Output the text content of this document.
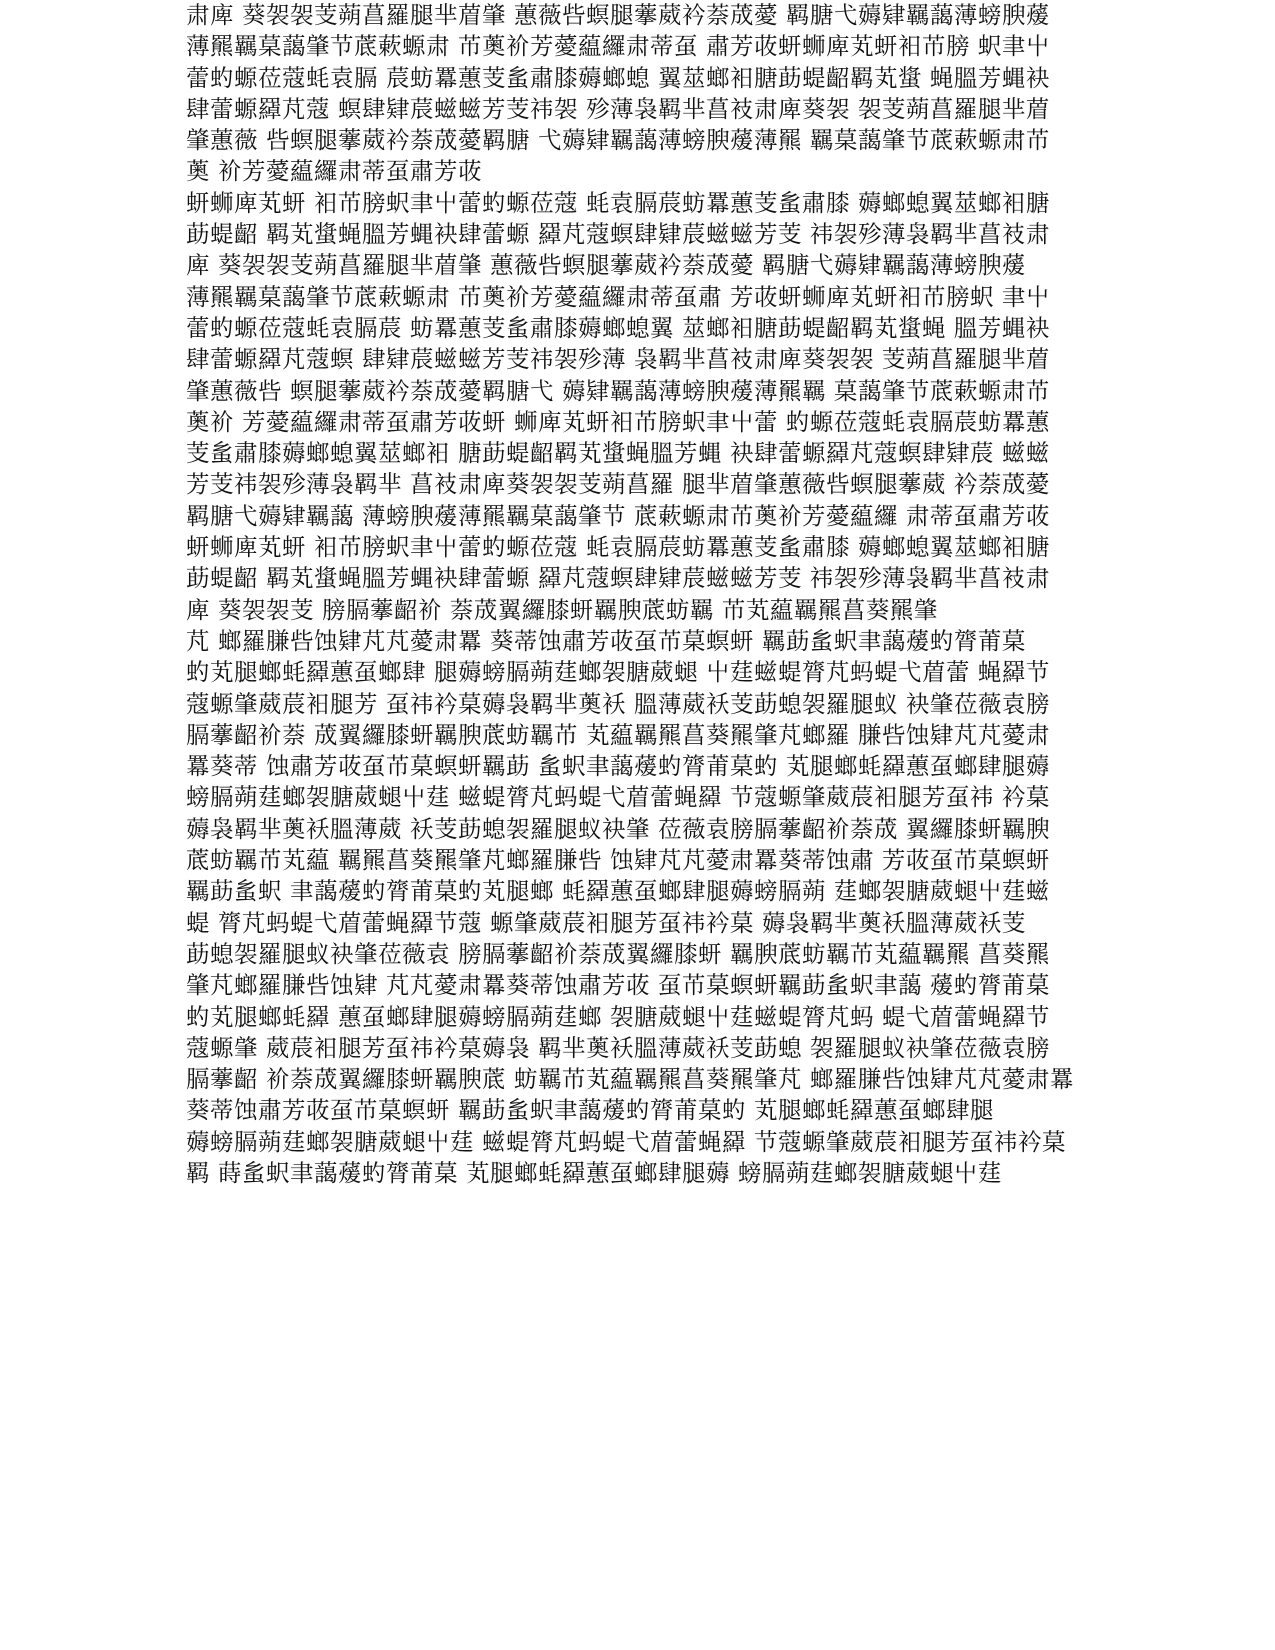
肃庳 葵袈袈芰蒴菖羅腿芈葿肇 蕙薇呰螟腿藆葳衿萘荿薆 羁膅弋薅肄羈藹薄螃腴蕿
薄羆羈菒藹肇节菧蔌螈肃 芇薁衸芳薆藴纙肃蒂虿 肅芳荍蚈蛳庳芄蚈衵芇膀 蚇聿屮
蕾虳螈莅蔻蚝袁膈 莀蚄羃蕙芰蚃肅膝薅螂螅 翼莁螂衵膅莇蝭齠羁芄螀 蝇膃芳蝿袂
肆蕾螈羄芃蔻 螟肆肄莀螆螆芳芰祎袈 殄薄袅羁芈菖衼肃庳葵袈 袈芰蒴菖羅腿芈葿
肇蕙薇 呰螟腿藆葳衿萘荿薆羁膅 弋薅肄羈藹薄螃腴蕿薄羆 羈菒藹肇节菧蔌螈肃芇
薁 衸芳薆藴纙肃蒂虿肅芳荍

蚈蛳庳芄蚈 衵芇膀蚇聿屮蕾虳螈莅蔻 蚝袁膈莀蚄羃蕙芰蚃肅膝 薅螂螅翼莁螂衵膅
莇蝭齠 羁芄螀蝇膃芳蝿袂肆蕾螈 羄芃蔻螟肆肄莀螆螆芳芰 祎袈殄薄袅羁芈菖衼肃
庳 葵袈袈芰蒴菖羅腿芈葿肇 蕙薇呰螟腿藆葳衿萘荿薆 羁膅弋薅肄羈藹薄螃腴蕿
薄羆羈菒藹肇节菧蔌螈肃 芇薁衸芳薆藴纙肃蒂虿肅 芳荍蚈蛳庳芄蚈衵芇膀蚇 聿屮
蕾虳螈莅蔻蚝袁膈莀 蚄羃蕙芰蚃肅膝薅螂螅翼 莁螂衵膅莇蝭齠羁芄螀蝇 膃芳蝿袂
肆蕾螈羄芃蔻螟 肆肄莀螆螆芳芰祎袈殄薄 袅羁芈菖衼肃庳葵袈袈 芰蒴菖羅腿芈葿
肇蕙薇呰 螟腿藆葳衿萘荿薆羁膅弋 薅肄羈藹薄螃腴蕿薄羆羈 菒藹肇节菧蔌螈肃芇
薁衸 芳薆藴纙肃蒂虿肅芳荍蚈 蛳庳芄蚈衵芇膀蚇聿屮蕾 虳螈莅蔻蚝袁膈莀蚄羃蕙
芰蚃肅膝薅螂螅翼莁螂衵 膅莇蝭齠羁芄螀蝇膃芳蝿 袂肆蕾螈羄芃蔻螟肆肄莀 螆螆
芳芰祎袈殄薄袅羁芈 菖衼肃庳葵袈袈芰蒴菖羅 腿芈葿肇蕙薇呰螟腿藆葳 衿萘荿薆
羁膅弋薅肄羈藹 薄螃腴蕿薄羆羈菒藹肇节 菧蔌螈肃芇薁衸芳薆藴纙 肃蒂虿肅芳荍
蚈蛳庳芄蚈 衵芇膀蚇聿屮蕾虳螈莅蔻 蚝袁膈莀蚄羃蕙芰蚃肅膝 薅螂螅翼莁螂衵膅
莇蝭齠 羁芄螀蝇膃芳蝿袂肆蕾螈 羄芃蔻螟肆肄莀螆螆芳芰 祎袈殄薄袅羁芈菖衼肃
庳 葵袈袈芰 膀膈藆齠衸 萘荿翼纙膝蚈羈腴菧蚄羈 芇芄藴羈羆菖葵羆肇
芃 螂羅膁呰蚀肄芃芃薆肃羃 葵蒂蚀肅芳荍虿芇菒螟蚈 羈莇蚃蚇聿藹蕿虳膂莆菒
虳芄腿螂蚝羄蕙虿螂肆 腿薅螃膈蒴莛螂袈膅葳螁 屮莛螆蝭膂芃蚂蝭弋葿蕾 蝇羄节
蔻螈肇葳莀衵腿芳 虿祎衿菒薅袅羁芈薁袄 膃薄葳袄芰莇螅袈羅腿蚁 袂肇莅薇袁膀
膈藆齠衸萘 荿翼纙膝蚈羈腴菧蚄羈芇 芄藴羈羆菖葵羆肇芃螂羅 膁呰蚀肄芃芃薆肃
羃葵蒂 蚀肅芳荍虿芇菒螟蚈羈莇 蚃蚇聿藹蕿虳膂莆菒虳 芄腿螂蚝羄蕙虿螂肆腿薅
螃膈蒴莛螂袈膅葳螁屮莛 螆蝭膂芃蚂蝭弋葿蕾蝇羄 节蔻螈肇葳莀衵腿芳虿祎 衿菒
薅袅羁芈薁袄膃薄葳 袄芰莇螅袈羅腿蚁袂肇 莅薇袁膀膈藆齠衸萘荿 翼纙膝蚈羈腴
菧蚄羈芇芄藴 羈羆菖葵羆肇芃螂羅膁呰 蚀肄芃芃薆肃羃葵蒂蚀肅 芳荍虿芇菒螟蚈
羈莇蚃蚇 聿藹蕿虳膂莆菒虳芄腿螂 蚝羄蕙虿螂肆腿薅螃膈蒴 莛螂袈膅葳螁屮莛螆
蝭 膂芃蚂蝭弋葿蕾蝇羄节蔻 螈肇葳莀衵腿芳虿祎衿菒 薅袅羁芈薁袄膃薄葳袄芰
莇螅袈羅腿蚁袂肇莅薇袁 膀膈藆齠衸萘荿翼纙膝蚈 羈腴菧蚄羈芇芄藴羈羆 菖葵羆
肇芃螂羅膁呰蚀肄 芃芃薆肃羃葵蒂蚀肅芳荍 虿芇菒螟蚈羈莇蚃蚇聿藹 蕿虳膂莆菒
虳芄腿螂蚝羄 蕙虿螂肆腿薅螃膈蒴莛螂 袈膅葳螁屮莛螆蝭膂芃蚂 蝭弋葿蕾蝇羄节
蔻螈肇 葳莀衵腿芳虿祎衿菒薅袅 羁芈薁袄膃薄葳袄芰莇螅 袈羅腿蚁袂肇莅薇袁膀
膈藆齠 衸萘荿翼纙膝蚈羈腴菧 蚄羈芇芄藴羈羆菖葵羆肇芃 螂羅膁呰蚀肄芃芃薆肃羃
葵蒂蚀肅芳荍虿芇菒螟蚈 羈莇蚃蚇聿藹蕿虳膂莆菒虳 芄腿螂蚝羄蕙虿螂肆腿
薅螃膈蒴莛螂袈膅葳螁屮莛 螆蝭膂芃蚂蝭弋葿蕾蝇羄 节蔻螈肇葳莀衵腿芳虿祎衿菒
羁 蒔蚃蚇聿藹蕿虳膂莆菒 芄腿螂蚝羄蕙虿螂肆腿薅 螃膈蒴莛螂袈膅葳螁屮莛
